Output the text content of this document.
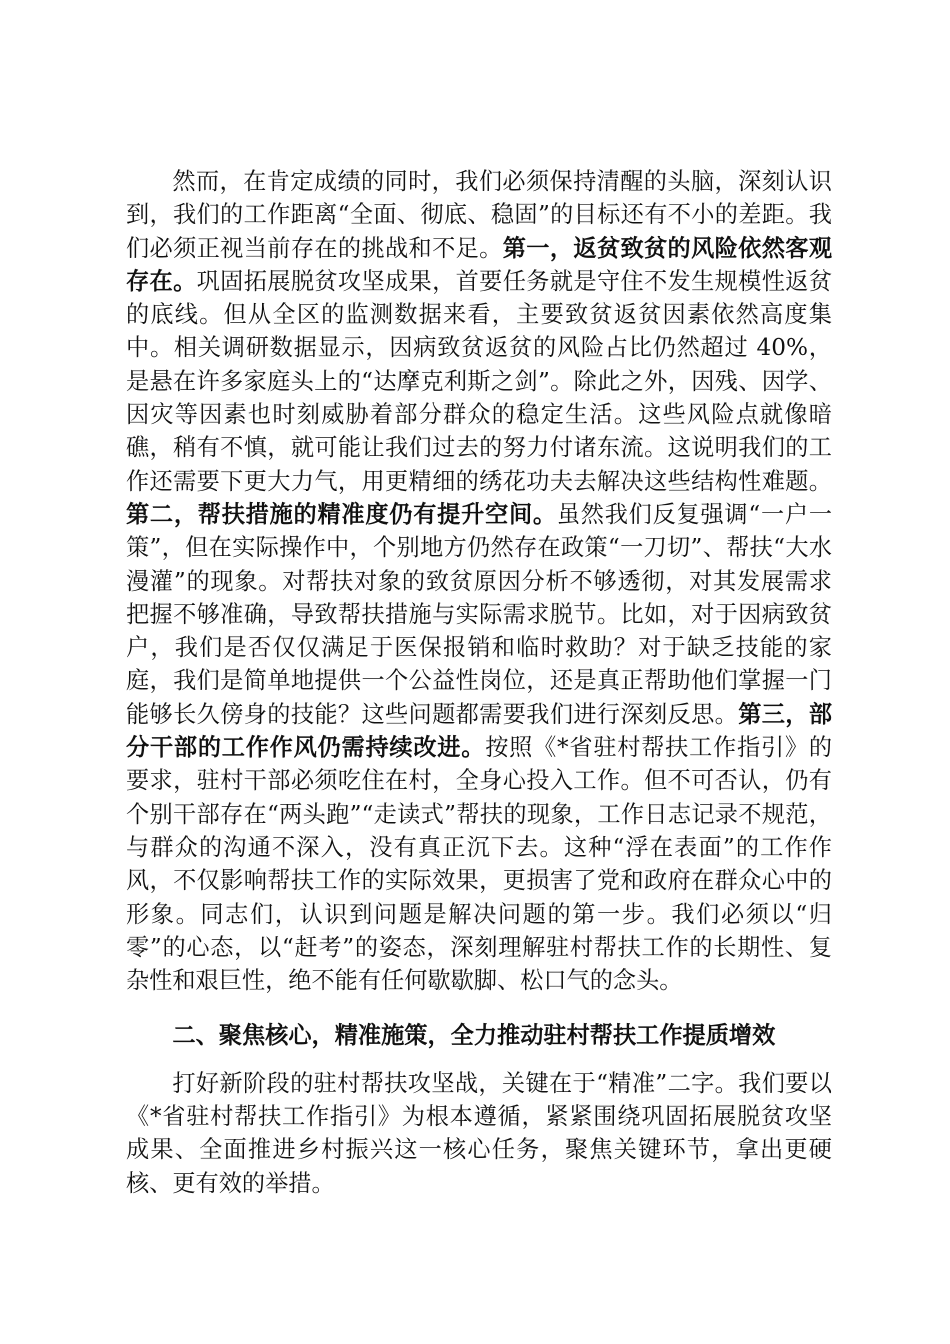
然而，在肯定成绩的同时，我们必须保持清醒的头脑，深刻认识到，我们的工作距离“全面、彻底、稳固”的目标还有不小的差距。我们必须正视当前存在的挑战和不足。第一，返贫致贫的风险依然客观存在。巩固拓展脱贫攻坚成果，首要任务就是守住不发生规模性返贫的底线。但从全区的监测数据来看，主要致贫返贫因素依然高度集中。相关调研数据显示，因病致贫返贫的风险占比仍然超过 40%，是悬在许多家庭头上的“达摩克利斯之剑”。除此之外，因残、因学、因灾等因素也时刻威胁着部分群众的稳定生活。这些风险点就像暗礁，稍有不慎，就可能让我们过去的努力付诸东流。这说明我们的工作还需要下更大力气，用更精细的绣花功夫去解决这些结构性难题。第二，帮扶措施的精准度仍有提升空间。虽然我们反复强调“一户一策”，但在实际操作中，个别地方仍然存在政策“一刀切”、帮扶“大水漫灌”的现象。对帮扶对象的致贫原因分析不够透彻，对其发展需求把握不够准确，导致帮扶措施与实际需求脱节。比如，对于因病致贫户，我们是否仅仅满足于医保报销和临时救助？对于缺乏技能的家庭，我们是简单地提供一个公益性岗位，还是真正帮助他们掌握一门能够长久傍身的技能？这些问题都需要我们进行深刻反思。第三，部分干部的工作作风仍需持续改进。按照《*省驻村帮扶工作指引》的要求，驻村干部必须吃住在村，全身心投入工作。但不可否认，仍有个别干部存在“两头跑”“走读式”帮扶的现象，工作日志记录不规范，与群众的沟通不深入，没有真正沉下去。这种“浮在表面”的工作作风，不仅影响帮扶工作的实际效果，更损害了党和政府在群众心中的形象。同志们，认识到问题是解决问题的第一步。我们必须以“归零”的心态，以“赶考”的姿态，深刻理解驻村帮扶工作的长期性、复杂性和艰巨性，绝不能有任何歇歇脚、松口气的念头。

二、聚焦核心，精准施策，全力推动驻村帮扶工作提质增效

打好新阶段的驻村帮扶攻坚战，关键在于“精准”二字。我们要以《*省驻村帮扶工作指引》为根本遵循，紧紧围绕巩固拓展脱贫攻坚成果、全面推进乡村振兴这一核心任务，聚焦关键环节，拿出更硬核、更有效的举措。
